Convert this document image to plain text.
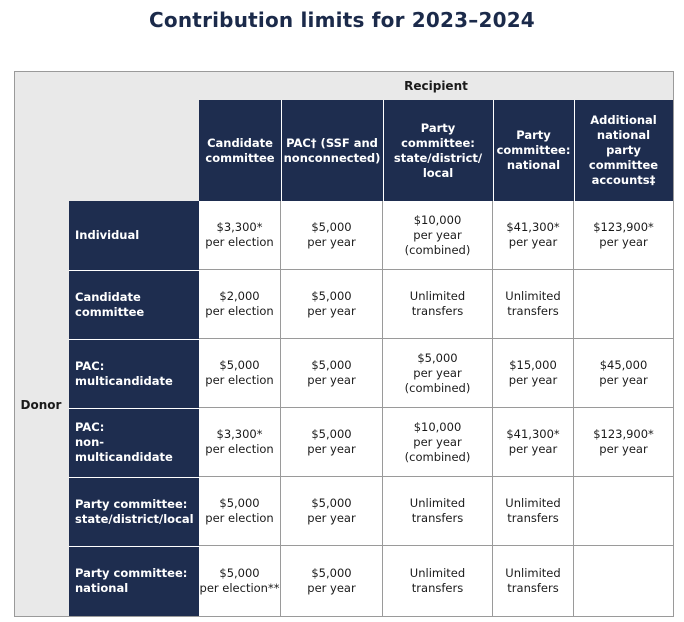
Contribution limits for 2023–2024
Recipient
Donor
Candidate
committee
PAC† (SSF and
nonconnected)
Party
committee:
state/district/
local
Party
committee:
national
Additional
national party
committee
accounts‡
Individual
Candidate
committee
PAC:
multicandidate
PAC:
non-
multicandidate
Party committee:
state/district/local
Party committee:
national
$3,300*
per election
$5,000
per year
$10,000
per year
(combined)
$41,300*
per year
$123,900*
per year
$2,000
per election
$5,000
per year
Unlimited
transfers
Unlimited
transfers
$5,000
per election
$5,000
per year
$5,000
per year
(combined)
$15,000
per year
$45,000
per year
$3,300*
per election
$5,000
per year
$10,000
per year
(combined)
$41,300*
per year
$123,900*
per year
$5,000
per election
$5,000
per year
Unlimited
transfers
Unlimited
transfers
$5,000
per election**
$5,000
per year
Unlimited
transfers
Unlimited
transfers
